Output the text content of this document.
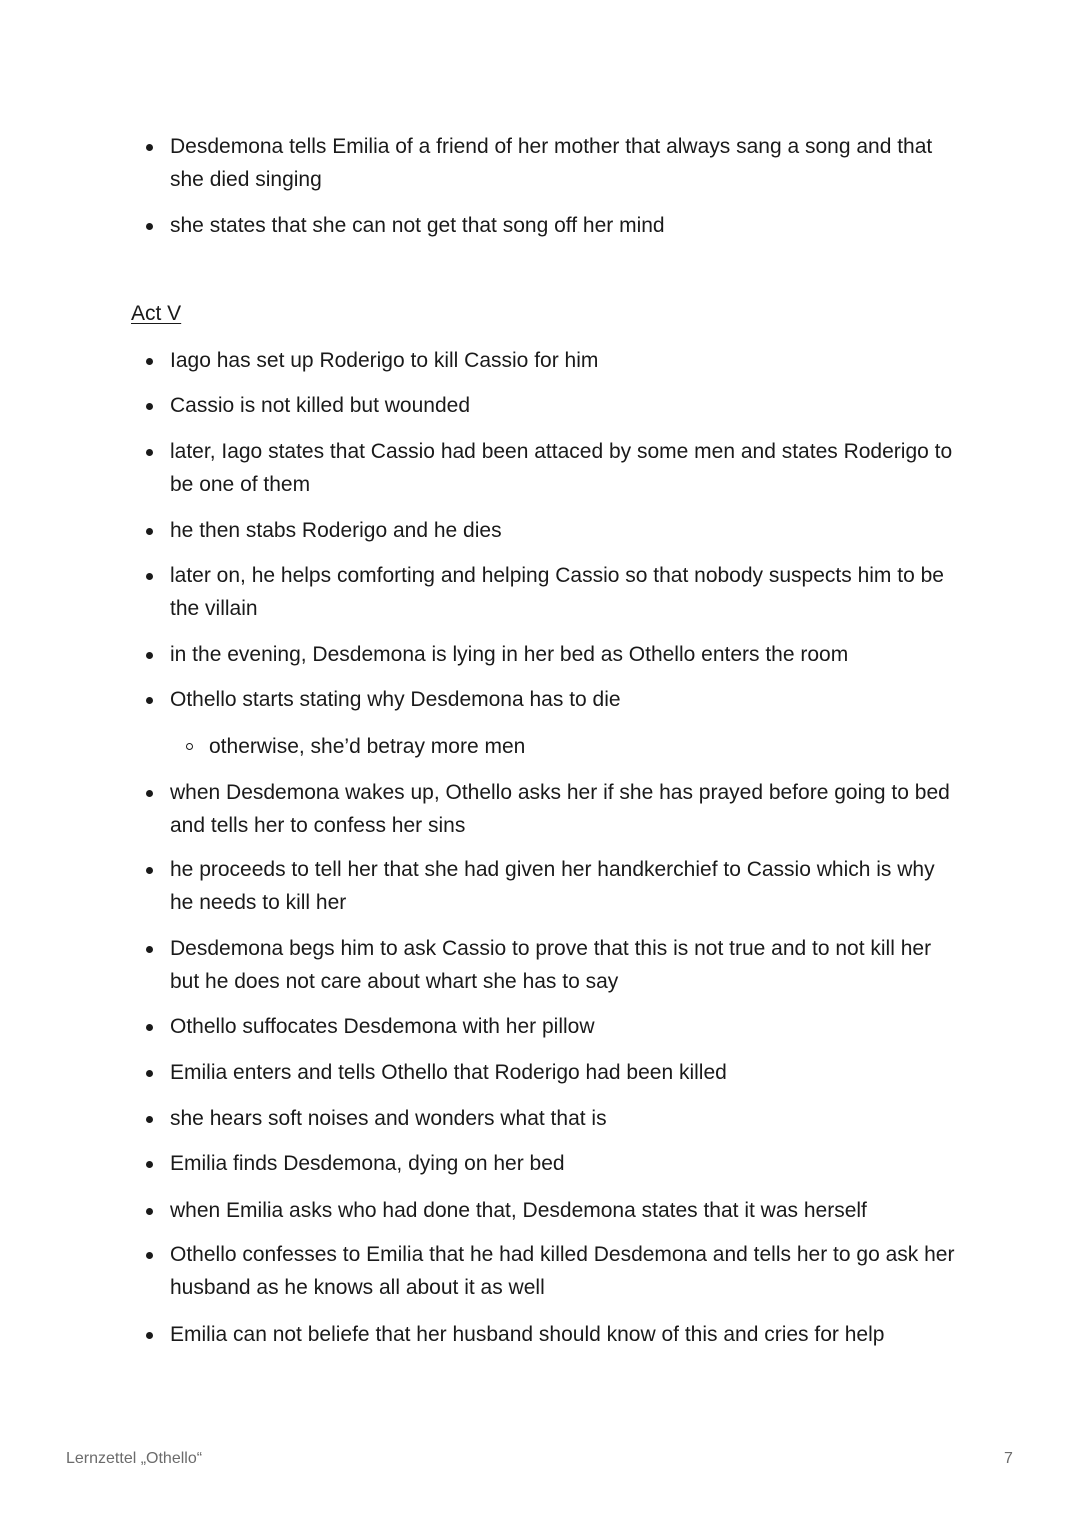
Desdemona tells Emilia of a friend of her mother that always sang a song and that she died singing
she states that she can not get that song off her mind
Act V
Iago has set up Roderigo to kill Cassio for him
Cassio is not killed but wounded
later, Iago states that Cassio had been attaced by some men and states Roderigo to be one of them
he then stabs Roderigo and he dies
later on, he helps comforting and helping Cassio so that nobody suspects him to be the villain
in the evening, Desdemona is lying in her bed as Othello enters the room
Othello starts stating why Desdemona has to die
otherwise, she’d betray more men
when Desdemona wakes up, Othello asks her if she has prayed before going to bed and tells her to confess her sins
he proceeds to tell her that she had given her handkerchief to Cassio which is why he needs to kill her
Desdemona begs him to ask Cassio to prove that this is not true and to not kill her but he does not care about whart she has to say
Othello suffocates Desdemona with her pillow
Emilia enters and tells Othello that Roderigo had been killed
she hears soft noises and wonders what that is
Emilia finds Desdemona, dying on her bed
when Emilia asks who had done that, Desdemona states that it was herself
Othello confesses to Emilia that he had killed Desdemona and tells her to go ask her husband as he knows all about it as well
Emilia can not beliefe that her husband should know of this and cries for help
Lernzettel „Othello“	7
